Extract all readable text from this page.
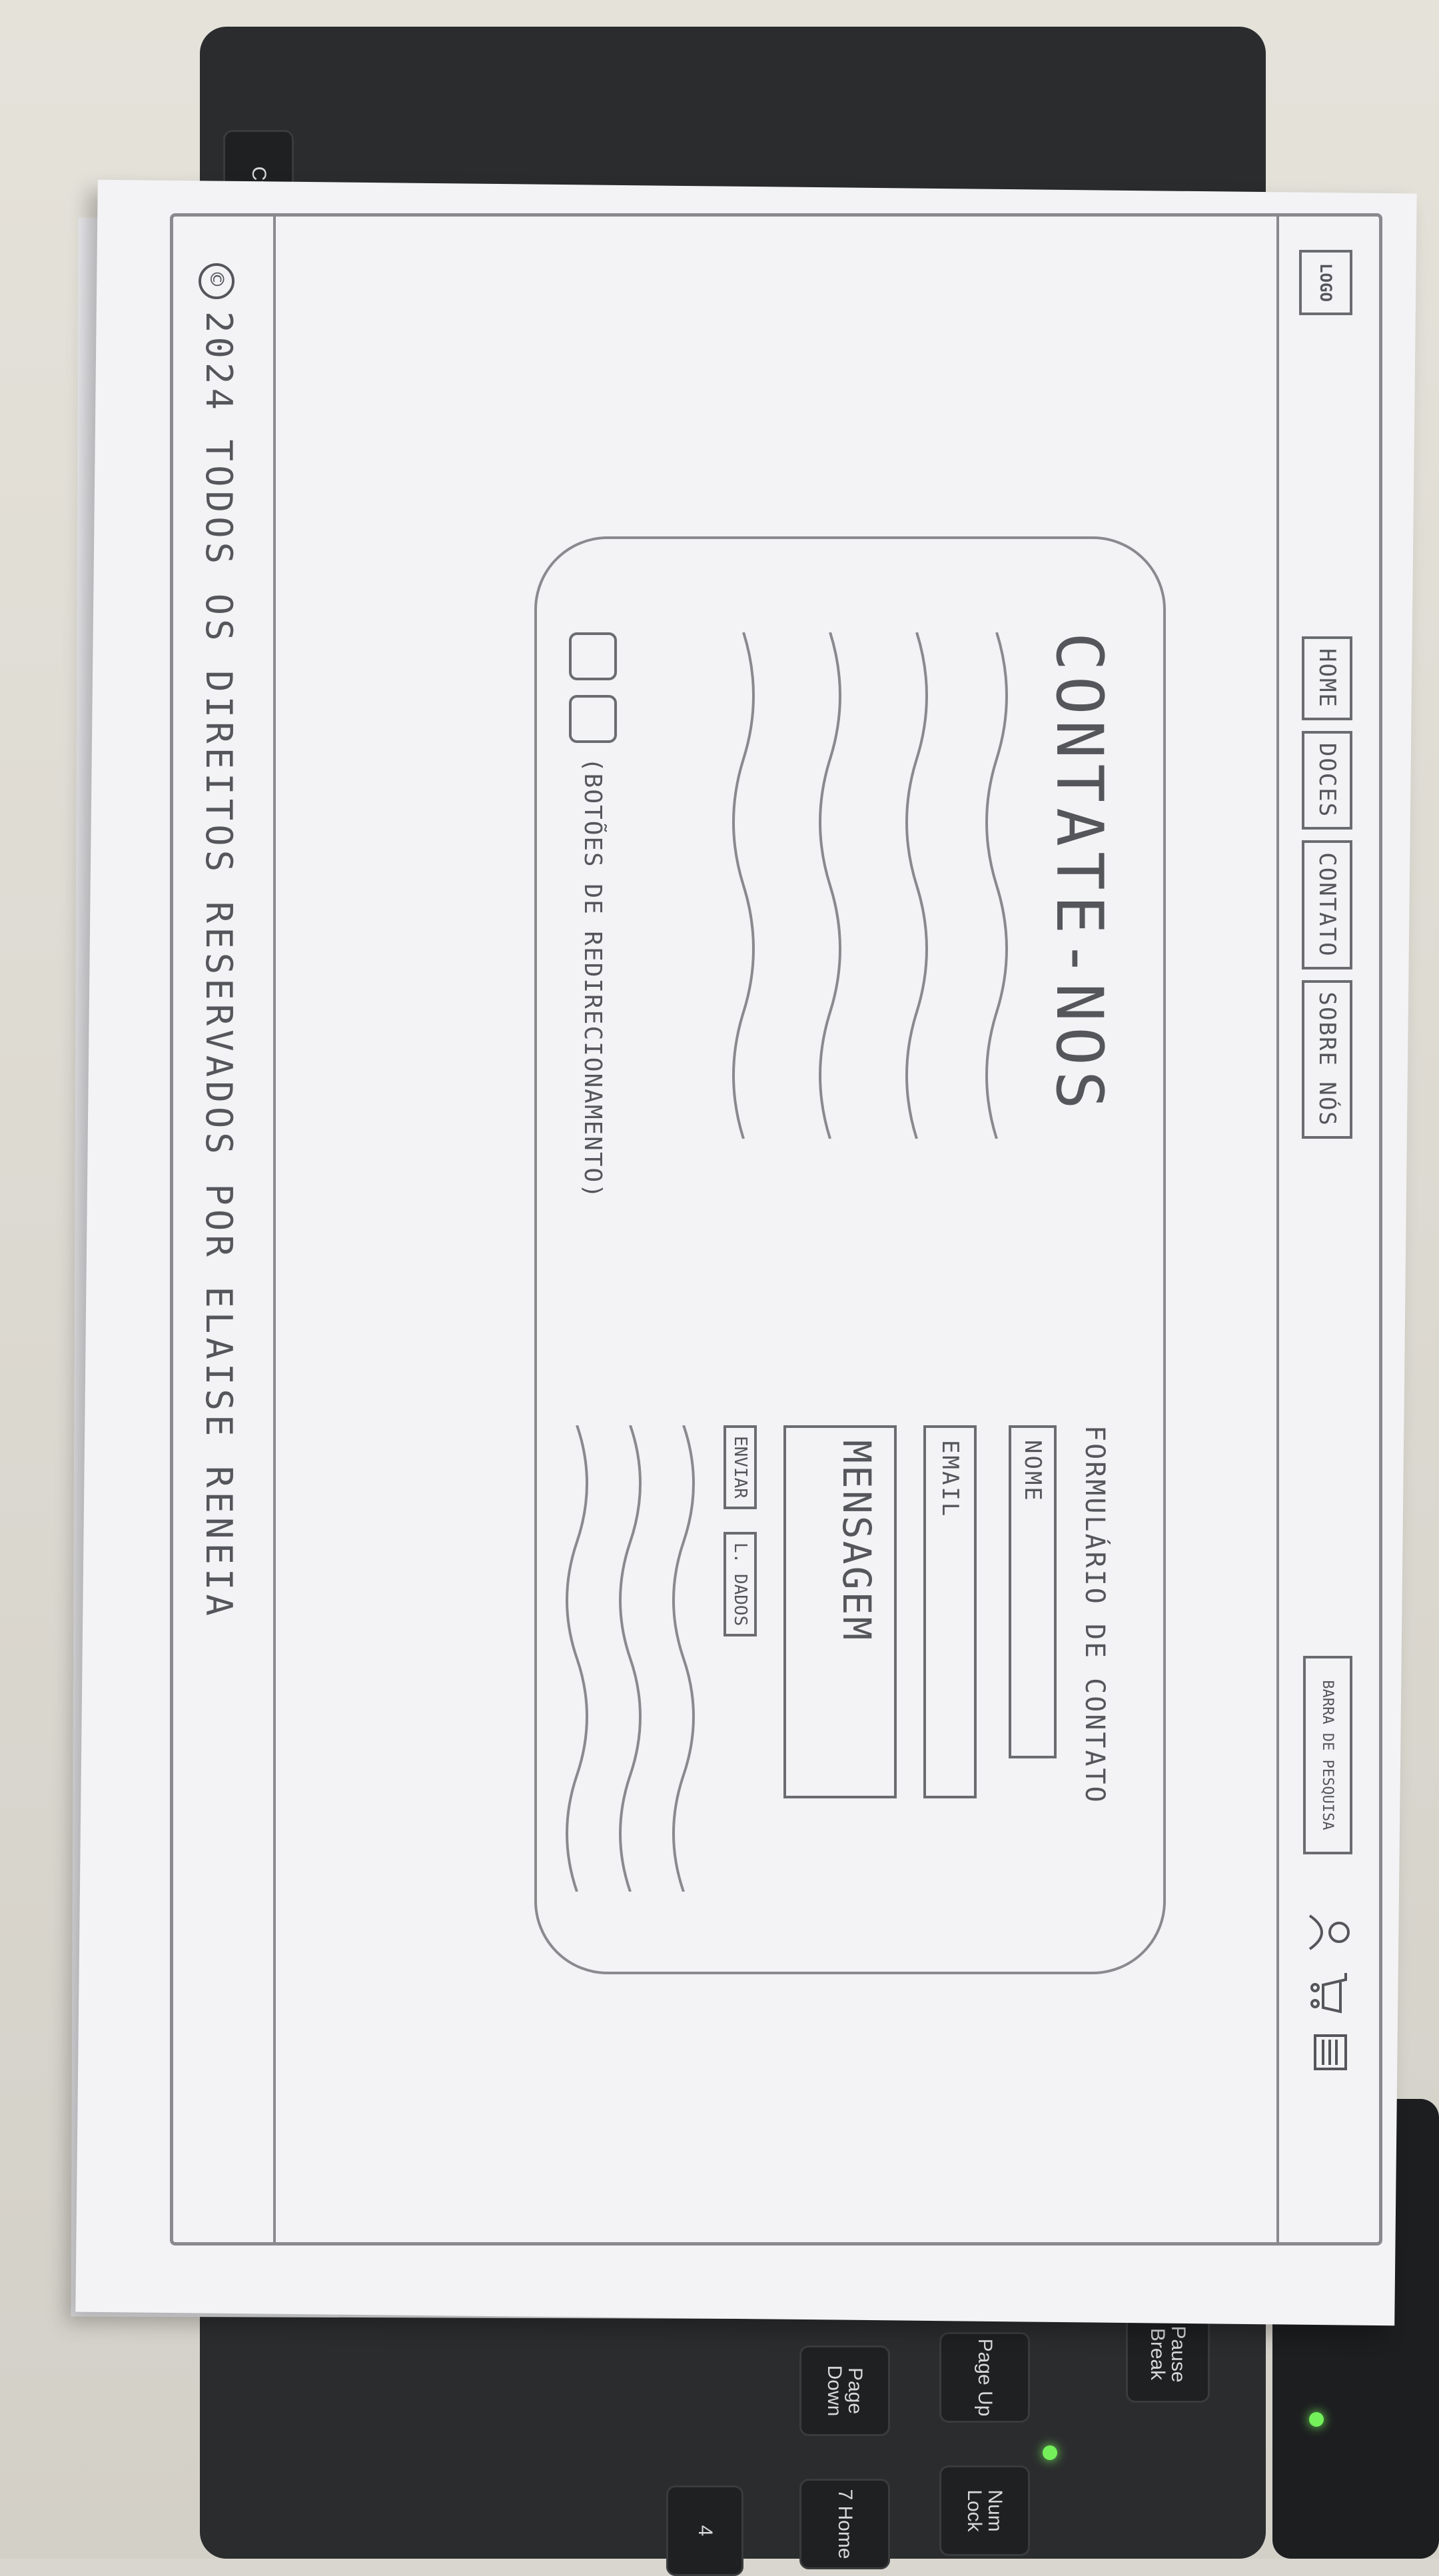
Pause Break
Page Up
Page Down
Num Lock
7 Home
4
LOGO
HOME
DOCES
CONTATO
SOBRE NÓS
BARRA DE PESQUISA
CONTATE-NOS
(BOTÕES DE REDIRECIONAMENTO)
FORMULÁRIO DE CONTATO
NOME
EMAIL
MENSAGEM
ENVIAR
L. DADOS
©2024 TODOS OS DIREITOS RESERVADOS POR ELAISE RENEIA
